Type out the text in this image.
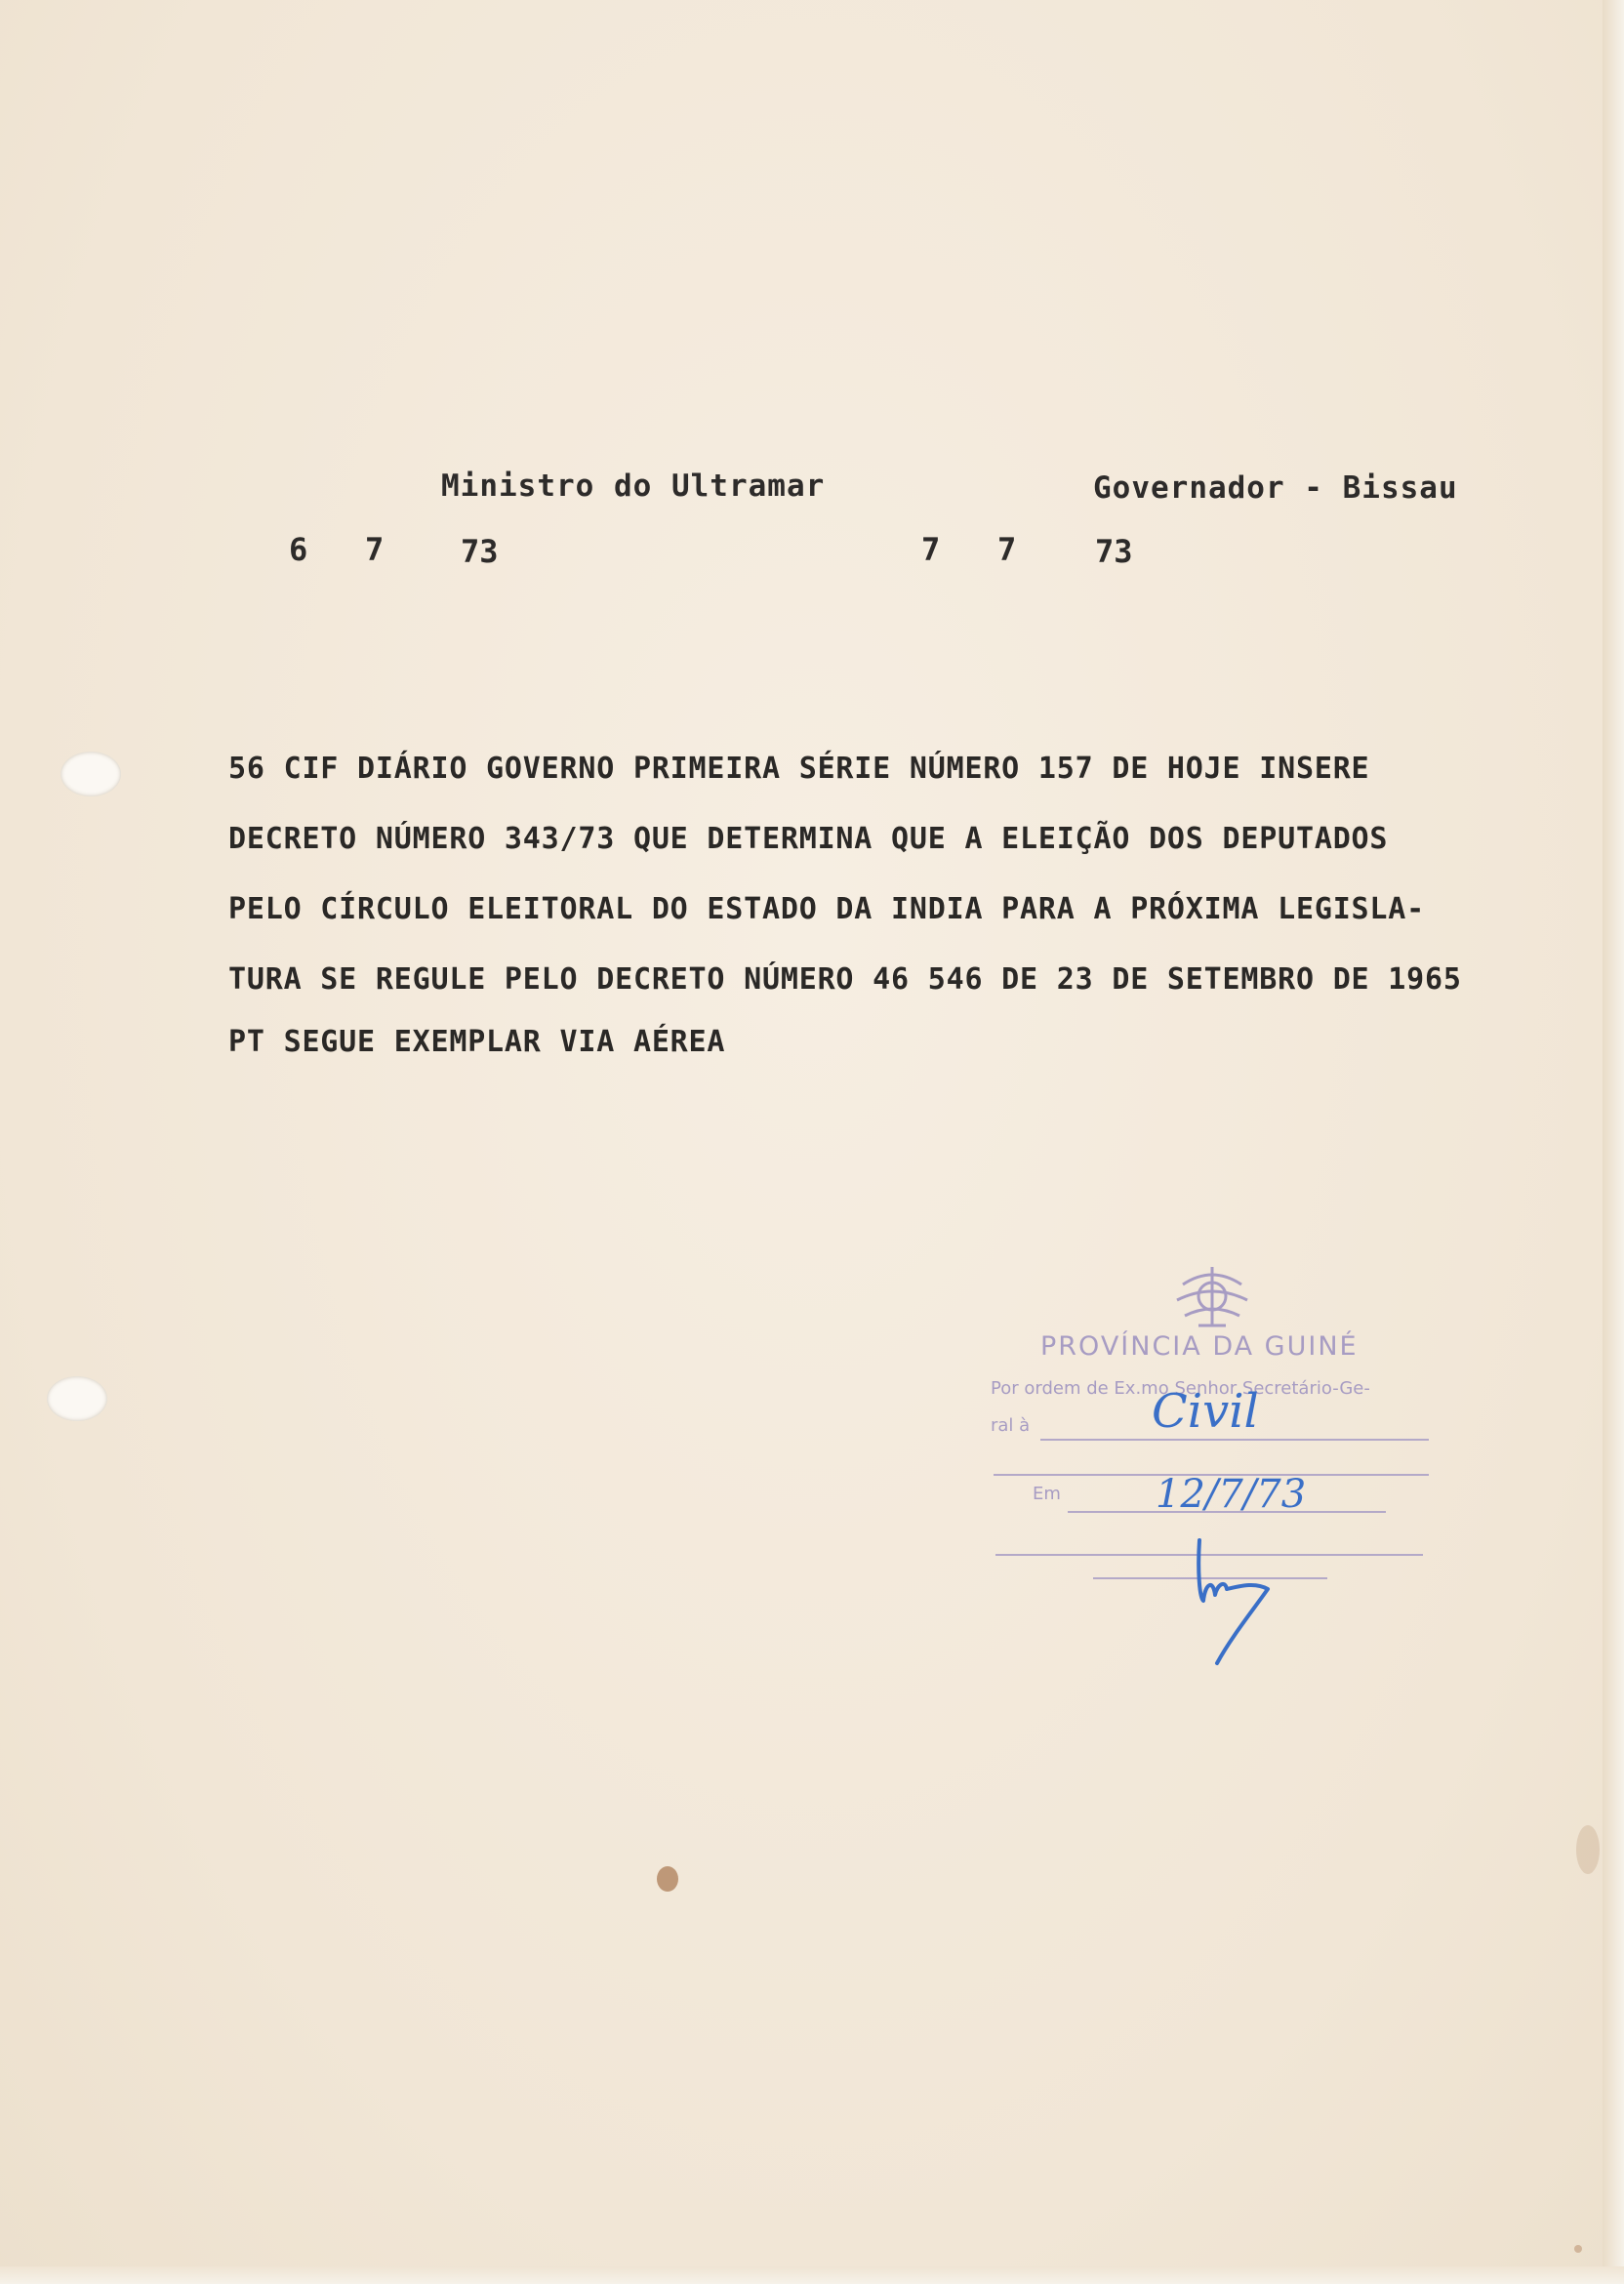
Ministro do Ultramar	Governador - Bissau
6 7 73	7 7	73
56 CIF DIÁRIO GOVERNO PRIMEIRA SÉRIE NÚMERO 157 DE HOJE INSERE
DECRETO NÚMERO 343/73 QUE DETERMINA QUE A ELEIÇÃO DOS DEPUTADOS
PELO CÍRCULO ELEITORAL DO ESTADO DA INDIA PARA A PRÓXIMA LEGISLA-
TURA SE REGULE PELO DECRETO NÚMERO 46 546 DE 23 DE SETEMBRO DE 1965
PT SEGUE EXEMPLAR VIA AÉREA
PROVÍNCIA DA GUINÉ
Por ordem de Ex.mo Senhor Secretário-Ge-
ral à
Em
Civil
12/7/73
